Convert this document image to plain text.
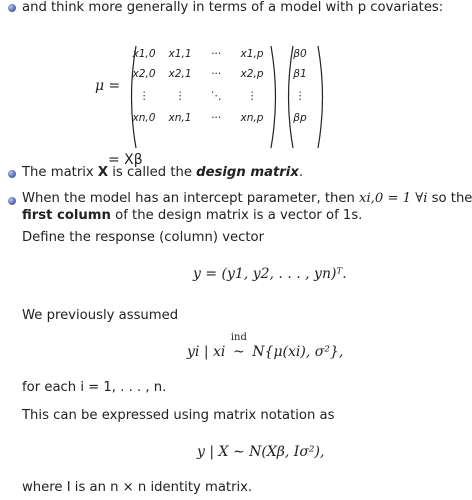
and think more generally in terms of a model with p covariates:
μ =
x1,0	x1,1	···	x1,p
x2,0	x2,1	···	x2,p
⋮	⋮	⋱	⋮
xn,0	xn,1	···	xn,p
β0
β1
⋮
βp
= Xβ
The matrix X is called the design matrix.
When the model has an intercept parameter, then xi,0 = 1 ∀i so the
first column of the design matrix is a vector of 1s.
Define the response (column) vector
y = (y1, y2, . . . , yn)ᵀ.
We previously assumed
yi | xi
ind
~ N{μ(xi), σ²},
for each i = 1, . . . , n.
This can be expressed using matrix notation as
y | X ∼ N(Xβ, Iσ²),
where I is an n × n identity matrix.
